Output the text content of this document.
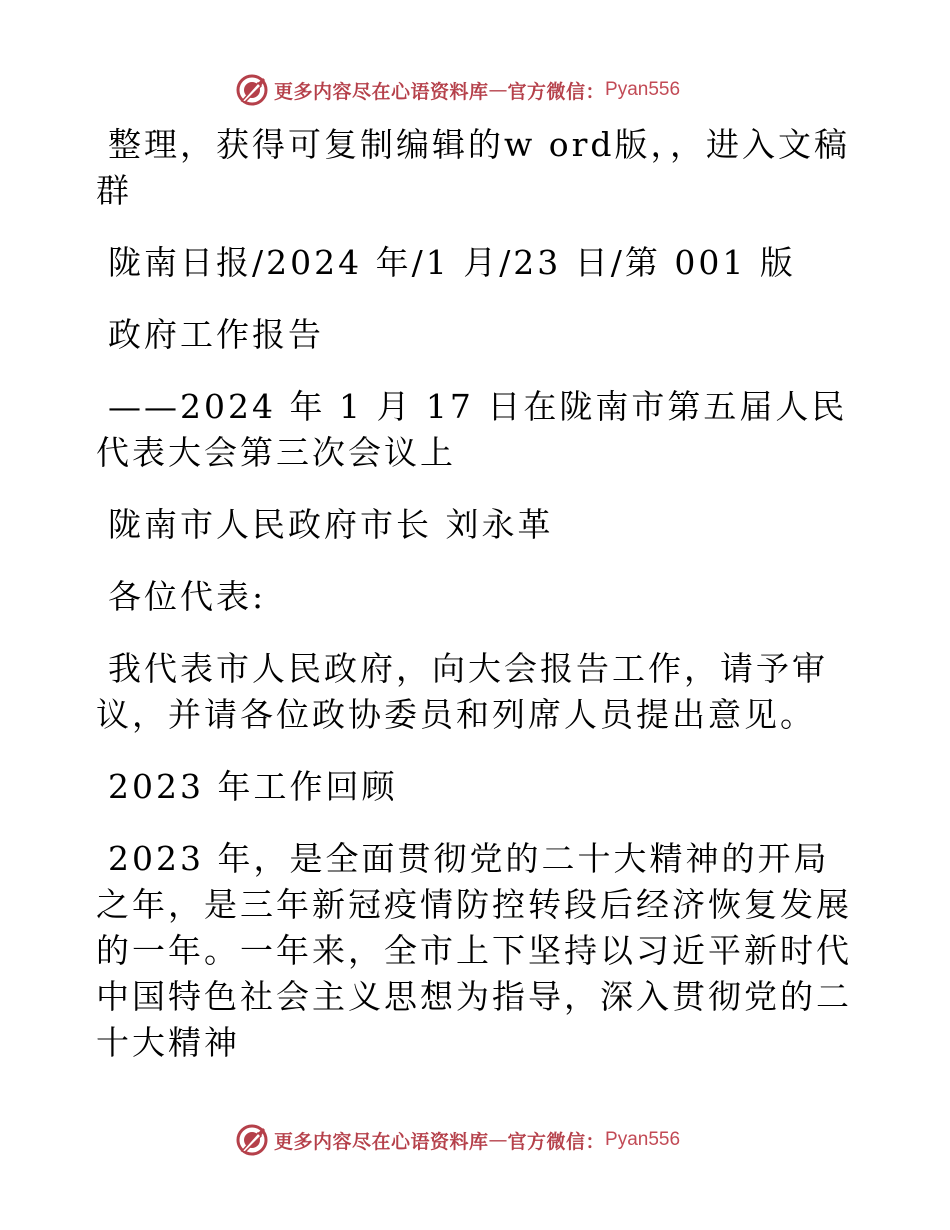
更多内容尽在心语资料库 — 官方微信： Pyan556

整理，获得可复制编辑的w ord版，，进入文稿群

陇南日报/2024 年/1 月/23 日/第 001 版

政府工作报告

——2024 年 1 月 17 日在陇南市第五届人民代表大会第三次会议上

陇南市人民政府市长 刘永革

各位代表:

我代表市人民政府，向大会报告工作，请予审议，并请各位政协委员和列席人员提出意见。

2023 年工作回顾

2023 年，是全面贯彻党的二十大精神的开局之年，是三年新冠疫情防控转段后经济恢复发展的一年。一年来，全市上下坚持以习近平新时代中国特色社会主义思想为指导，深入贯彻党的二十大精神

更多内容尽在心语资料库 — 官方微信： Pyan556
